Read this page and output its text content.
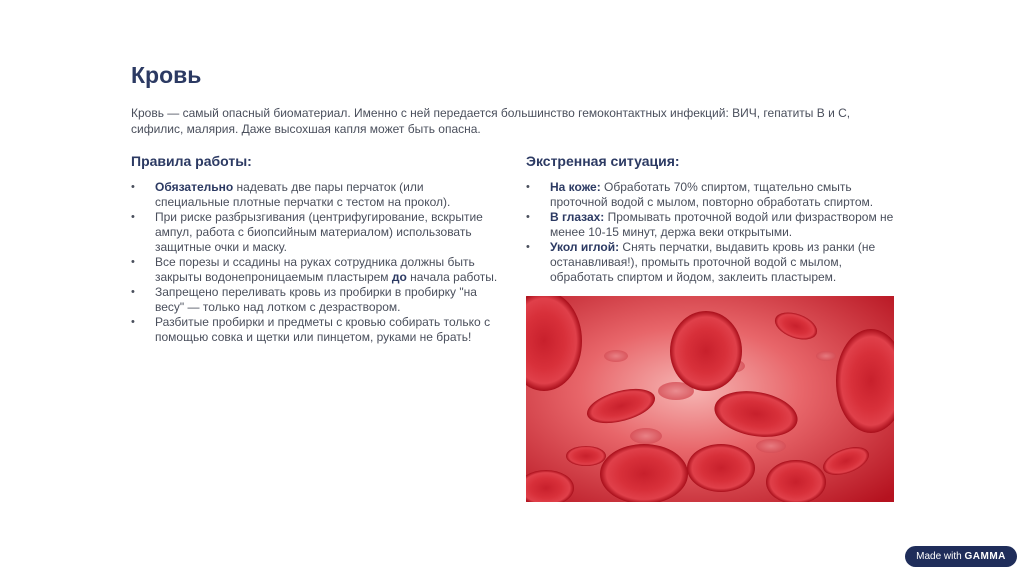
Кровь

Кровь — самый опасный биоматериал. Именно с ней передается большинство гемоконтактных инфекций: ВИЧ, гепатиты В и С, сифилис, малярия. Даже высохшая капля может быть опасна.

Правила работы:
• Обязательно надевать две пары перчаток (или специальные плотные перчатки с тестом на прокол).
• При риске разбрызгивания (центрифугирование, вскрытие ампул, работа с биопсийным материалом) использовать защитные очки и маску.
• Все порезы и ссадины на руках сотрудника должны быть закрыты водонепроницаемым пластырем до начала работы.
• Запрещено переливать кровь из пробирки в пробирку "на весу" — только над лотком с дезраствором.
• Разбитые пробирки и предметы с кровью собирать только с помощью совка и щетки или пинцетом, руками не брать!
Экстренная ситуация:
• На коже: Обработать 70% спиртом, тщательно смыть проточной водой с мылом, повторно обработать спиртом.
• В глазах: Промывать проточной водой или физраствором не менее 10-15 минут, держа веки открытыми.
• Укол иглой: Снять перчатки, выдавить кровь из ранки (не останавливая!), промыть проточной водой с мылом, обработать спиртом и йодом, заклеить пластырем.
Made with GAMMA
